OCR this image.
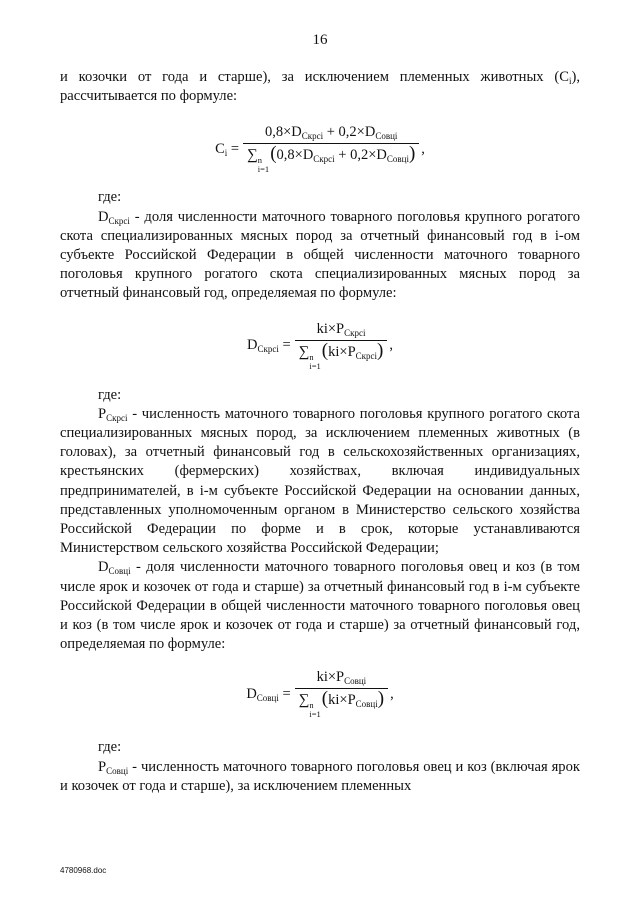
16

и козочки от года и старше), за исключением племенных животных $(C_i)$, рассчитывается по формуле:

$C_i = 0,8\times D_{Скрсі} + 0,2\times D_{Совці}$
∑ n
i=1
$(0,8\times D_{Скрсі} + 0,2\times D_{Совці})$ ,

где:

$D_{Скрсі}$ - доля численности маточного товарного поголовья крупного рогатого скота специализированных мясных пород за отчетный финансовый год в i-ом субъекте Российской Федерации в общей численности маточного товарного поголовья крупного рогатого скота специализированных мясных пород за отчетный финансовый год, определяемая по формуле:

$D_{Скрсі} = ki\times P_{Скрсі}$
∑ n
i=1
$(ki\times P_{Скрсі})$ ,

где:

$P_{Скрсі}$ - численность маточного товарного поголовья крупного рогатого скота специализированных мясных пород, за исключением племенных животных (в головах), за отчетный финансовый год в сельскохозяйственных организациях, крестьянских (фермерских) хозяйствах, включая индивидуальных предпринимателей, в i-м субъекте Российской Федерации на основании данных, представленных уполномоченным органом в Министерство сельского хозяйства Российской Федерации по форме и в срок, которые устанавливаются Министерством сельского хозяйства Российской Федерации;

$D_{Совці}$ - доля численности маточного товарного поголовья овец и коз (в том числе ярок и козочек от года и старше) за отчетный финансовый год в i-м субъекте Российской Федерации в общей численности маточного товарного поголовья овец и коз (в том числе ярок и козочек от года и старше) за отчетный финансовый год, определяемая по формуле:

$D_{Совці} = ki\times P_{Совці}$
∑ n
i=1
$(ki\times P_{Совці})$ ,

где:

$P_{Совці}$ - численность маточного товарного поголовья овец и коз (включая ярок и козочек от года и старше), за исключением племенных

4780968.doc
